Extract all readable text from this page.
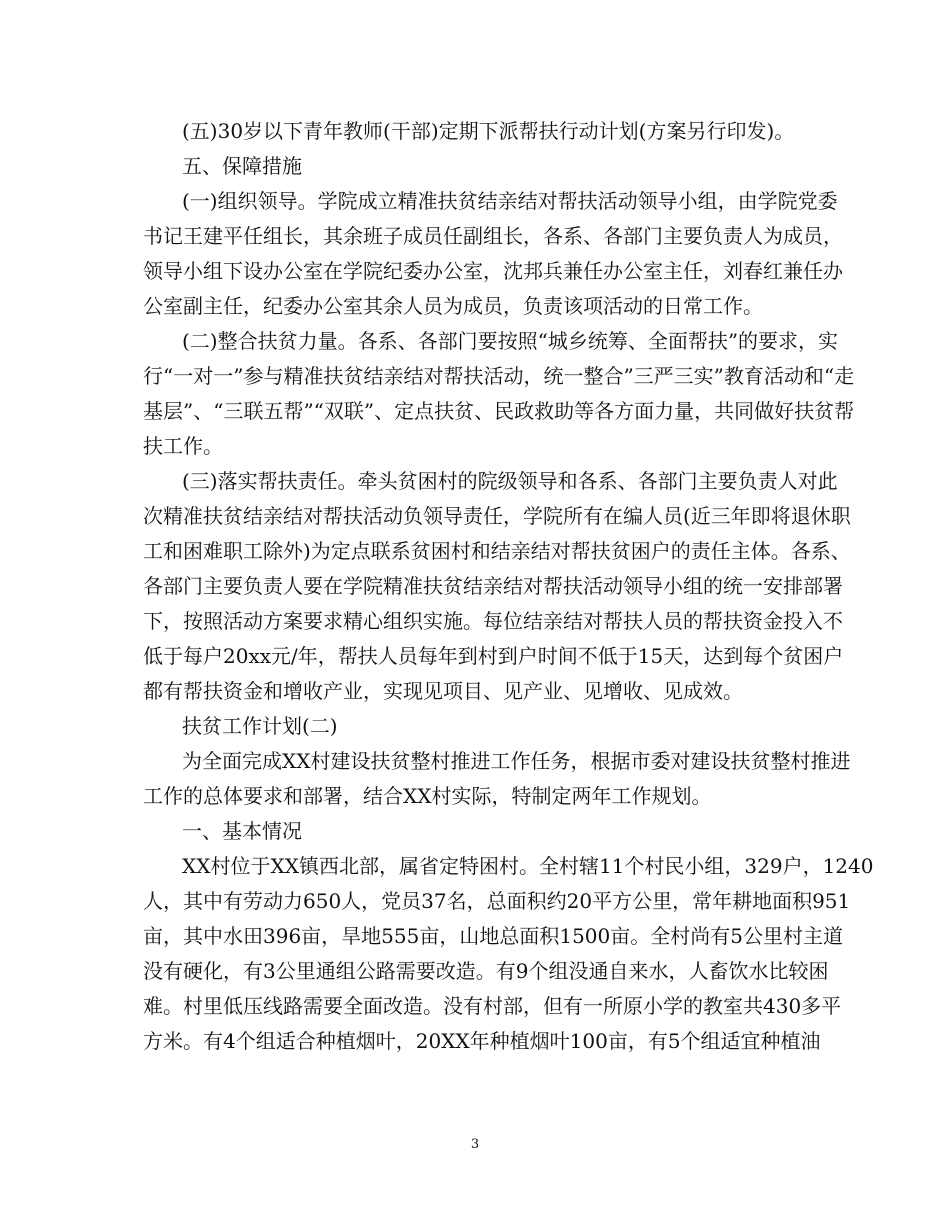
(五)30岁以下青年教师(干部)定期下派帮扶行动计划(方案另行印发)。
五、保障措施
(一)组织领导。学院成立精准扶贫结亲结对帮扶活动领导小组，由学院党委
书记王建平任组长，其余班子成员任副组长，各系、各部门主要负责人为成员，
领导小组下设办公室在学院纪委办公室，沈邦兵兼任办公室主任，刘春红兼任办
公室副主任，纪委办公室其余人员为成员，负责该项活动的日常工作。
(二)整合扶贫力量。各系、各部门要按照“城乡统筹、全面帮扶”的要求，实
行“一对一”参与精准扶贫结亲结对帮扶活动，统一整合”三严三实”教育活动和“走
基层”、“三联五帮”“双联”、定点扶贫、民政救助等各方面力量，共同做好扶贫帮
扶工作。
(三)落实帮扶责任。牵头贫困村的院级领导和各系、各部门主要负责人对此
次精准扶贫结亲结对帮扶活动负领导责任，学院所有在编人员(近三年即将退休职
工和困难职工除外)为定点联系贫困村和结亲结对帮扶贫困户的责任主体。各系、
各部门主要负责人要在学院精准扶贫结亲结对帮扶活动领导小组的统一安排部署
下，按照活动方案要求精心组织实施。每位结亲结对帮扶人员的帮扶资金投入不
低于每户20xx元/年，帮扶人员每年到村到户时间不低于15天，达到每个贫困户
都有帮扶资金和增收产业，实现见项目、见产业、见增收、见成效。
扶贫工作计划(二)
为全面完成XX村建设扶贫整村推进工作任务，根据市委对建设扶贫整村推进
工作的总体要求和部署，结合XX村实际，特制定两年工作规划。
一、基本情况
XX村位于XX镇西北部，属省定特困村。全村辖11个村民小组，329户，1240
人，其中有劳动力650人，党员37名，总面积约20平方公里，常年耕地面积951
亩，其中水田396亩，旱地555亩，山地总面积1500亩。全村尚有5公里村主道
没有硬化，有3公里通组公路需要改造。有9个组没通自来水，人畜饮水比较困
难。村里低压线路需要全面改造。没有村部，但有一所原小学的教室共430多平
方米。有4个组适合种植烟叶，20XX年种植烟叶100亩，有5个组适宜种植油
3
